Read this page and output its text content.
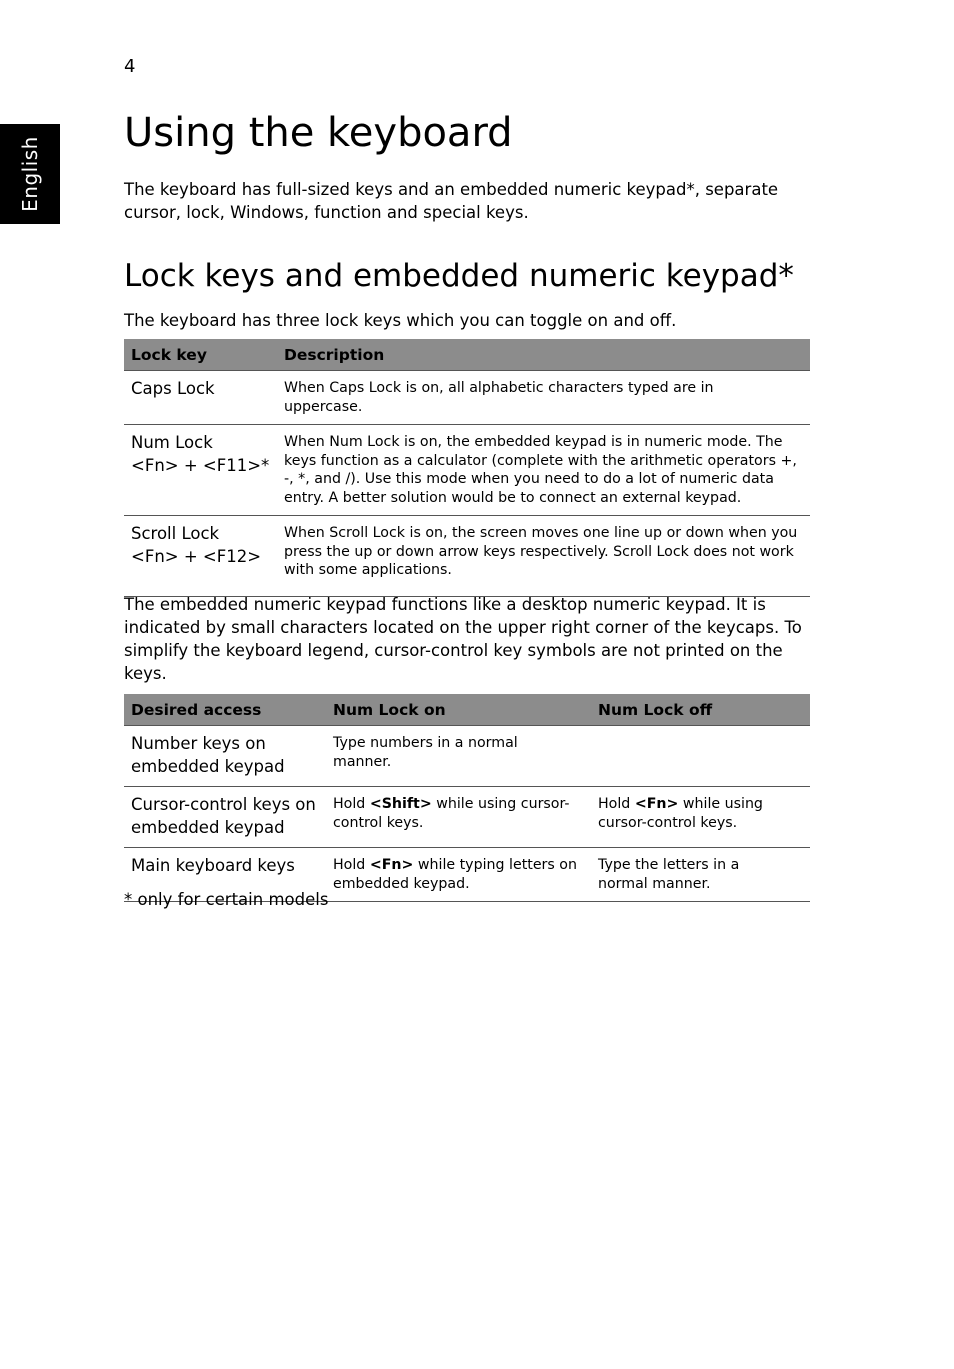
4
English
Using the keyboard

The keyboard has full-sized keys and an embedded numeric keypad*, separate cursor, lock, Windows, function and special keys.

Lock keys and embedded numeric keypad*

The keyboard has three lock keys which you can toggle on and off.

Lock key	Description

Caps Lock	When Caps Lock is on, all alphabetic characters typed are in uppercase.

Num Lock
<Fn> + <F11>*	When Num Lock is on, the embedded keypad is in numeric mode. The keys function as a calculator (complete with the arithmetic operators +, -, *, and /). Use this mode when you need to do a lot of numeric data entry. A better solution would be to connect an external keypad.

Scroll Lock
<Fn> + <F12>	When Scroll Lock is on, the screen moves one line up or down when you press the up or down arrow keys respectively. Scroll Lock does not work with some applications.

The embedded numeric keypad functions like a desktop numeric keypad. It is indicated by small characters located on the upper right corner of the keycaps. To simplify the keyboard legend, cursor-control key symbols are not printed on the keys.

Desired access	Num Lock on	Num Lock off
Number keys on embedded keypad	Type numbers in a normal manner.	
Cursor-control keys on embedded keypad	Hold <Shift> while using cursor-control keys.	Hold <Fn> while using cursor-control keys.
Main keyboard keys	Hold <Fn> while typing letters on embedded keypad.	Type the letters in a normal manner.

* only for certain models
